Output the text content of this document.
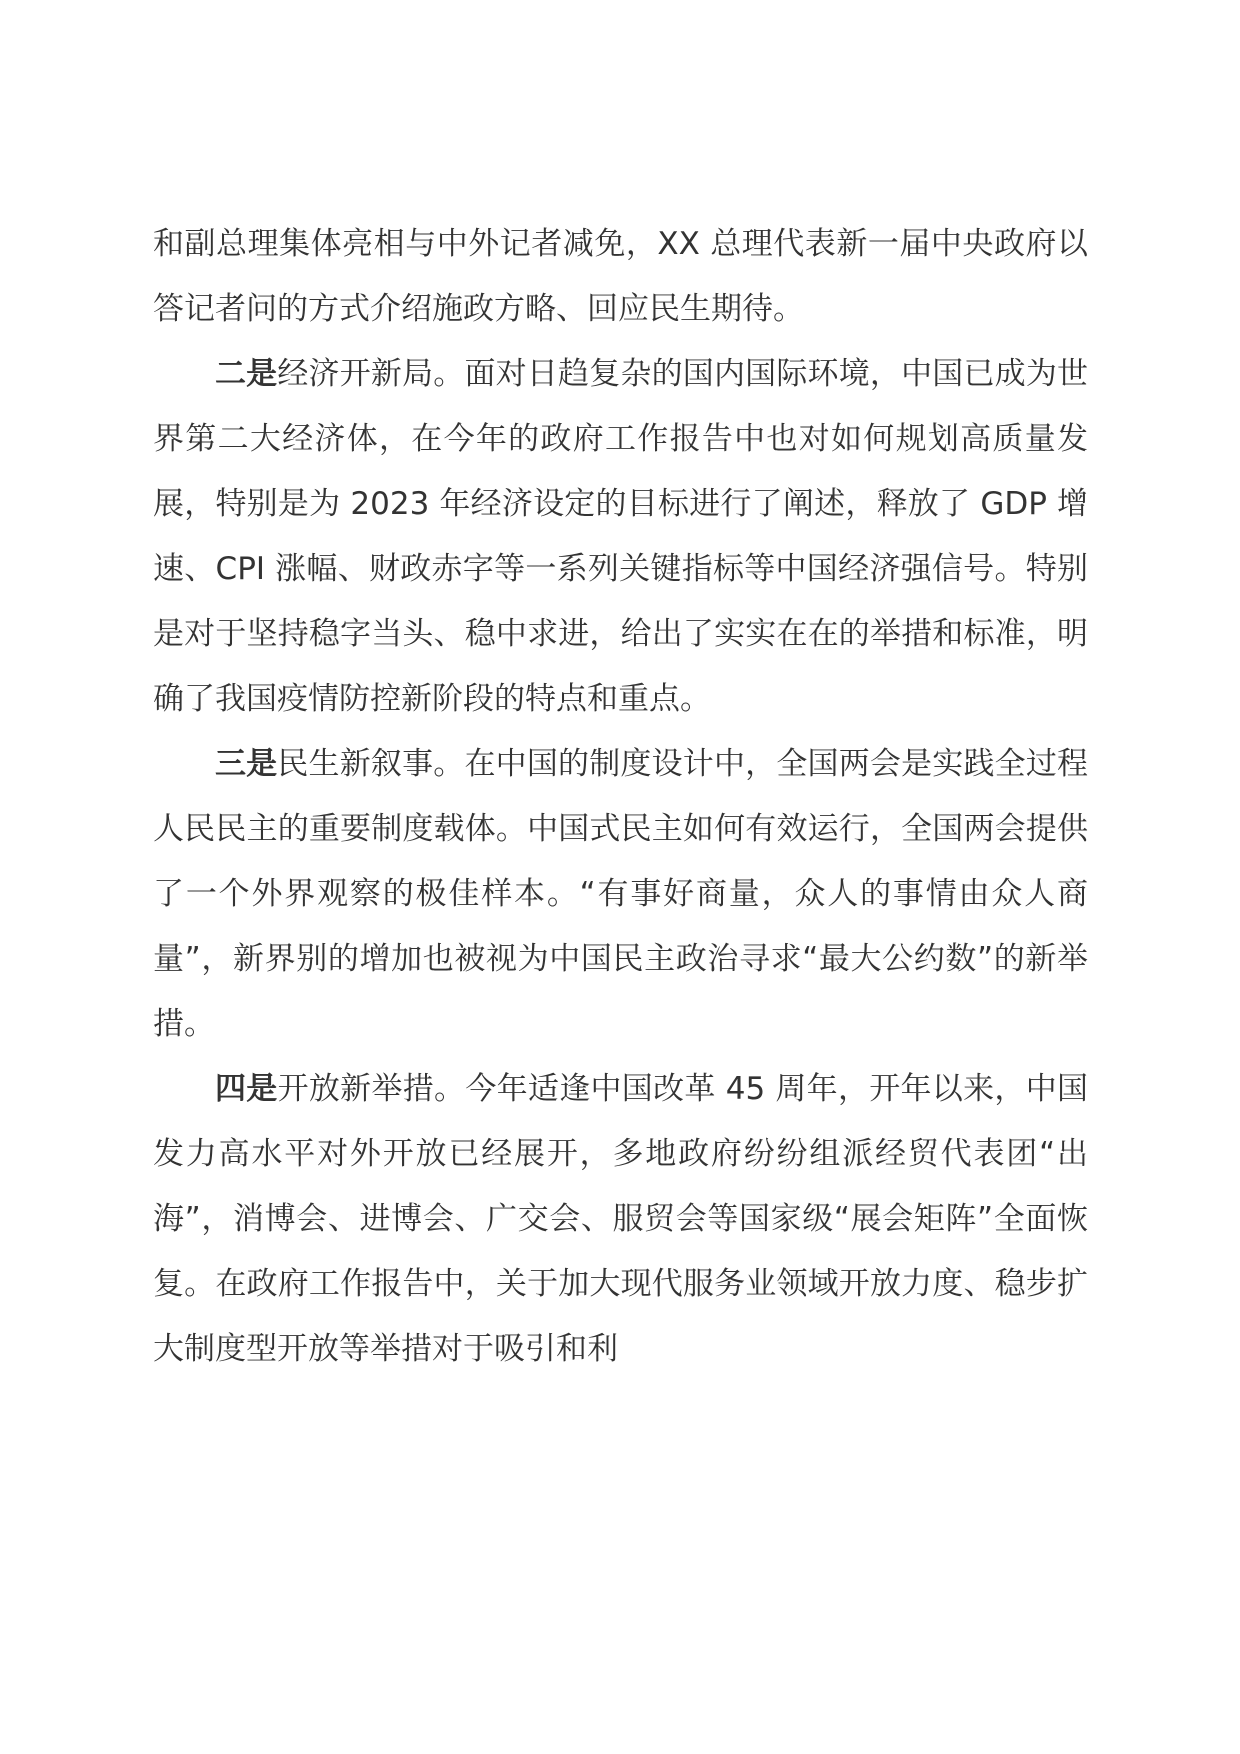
和副总理集体亮相与中外记者减免，XX 总理代表新一届中央政府以答记者问的方式介绍施政方略、回应民生期待。

二是经济开新局。面对日趋复杂的国内国际环境，中国已成为世界第二大经济体，在今年的政府工作报告中也对如何规划高质量发展，特别是为 2023 年经济设定的目标进行了阐述，释放了 GDP 增速、CPI 涨幅、财政赤字等一系列关键指标等中国经济强信号。特别是对于坚持稳字当头、稳中求进，给出了实实在在的举措和标准，明确了我国疫情防控新阶段的特点和重点。

三是民生新叙事。在中国的制度设计中，全国两会是实践全过程人民民主的重要制度载体。中国式民主如何有效运行，全国两会提供了一个外界观察的极佳样本。“有事好商量，众人的事情由众人商量”，新界别的增加也被视为中国民主政治寻求“最大公约数”的新举措。

四是开放新举措。今年适逢中国改革 45 周年，开年以来，中国发力高水平对外开放已经展开，多地政府纷纷组派经贸代表团“出海”，消博会、进博会、广交会、服贸会等国家级“展会矩阵”全面恢复。在政府工作报告中，关于加大现代服务业领域开放力度、稳步扩大制度型开放等举措对于吸引和利
